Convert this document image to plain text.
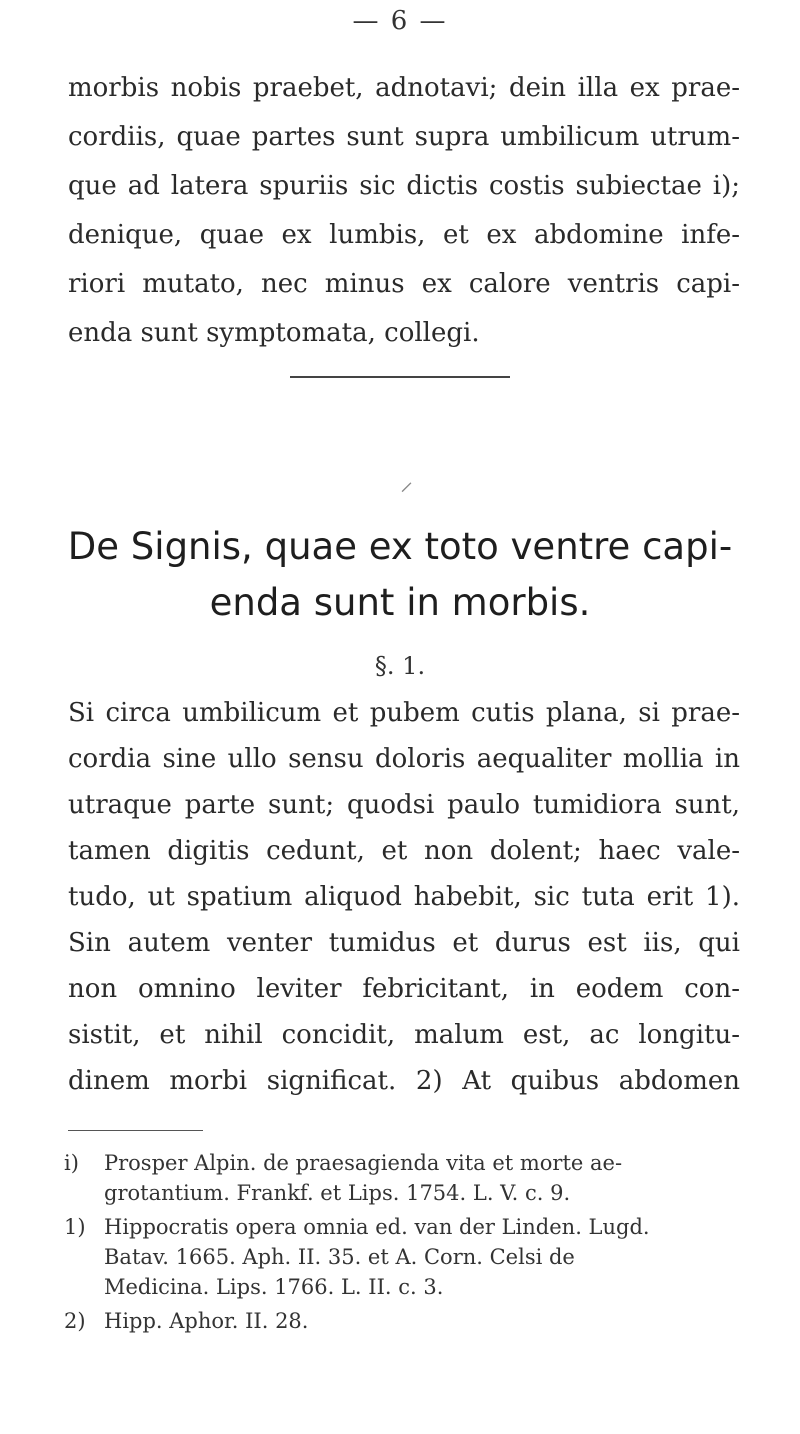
— 6 —
morbis nobis praebet, adnotavi; dein illa ex prae-
cordiis, quae partes sunt supra umbilicum utrum-
que ad latera spuriis sic dictis costis subiectae i);
denique, quae ex lumbis, et ex abdomine infe-
riori mutato, nec minus ex calore ventris capi-
enda sunt symptomata, collegi.
⸝
De Signis, quae ex toto ventre capi-
enda sunt in morbis.
§. 1.
Si circa umbilicum et pubem cutis plana, si prae-
cordia sine ullo sensu doloris aequaliter mollia in
utraque parte sunt; quodsi paulo tumidiora sunt,
tamen digitis cedunt, et non dolent; haec vale-
tudo, ut spatium aliquod habebit, sic tuta erit 1).
Sin autem venter tumidus et durus est iis, qui
non omnino leviter febricitant, in eodem con-
sistit, et nihil concidit, malum est, ac longitu-
dinem morbi significat. 2) At quibus abdomen
i)	Prosper Alpin. de praesagienda vita et morte ae-
grotantium. Frankf. et Lips. 1754. L. V. c. 9.
1) Hippocratis opera omnia ed. van der Linden. Lugd.
Batav. 1665. Aph. II. 35. et A. Corn. Celsi de
Medicina. Lips. 1766. L. II. c. 3.
2) Hipp. Aphor. II. 28.
